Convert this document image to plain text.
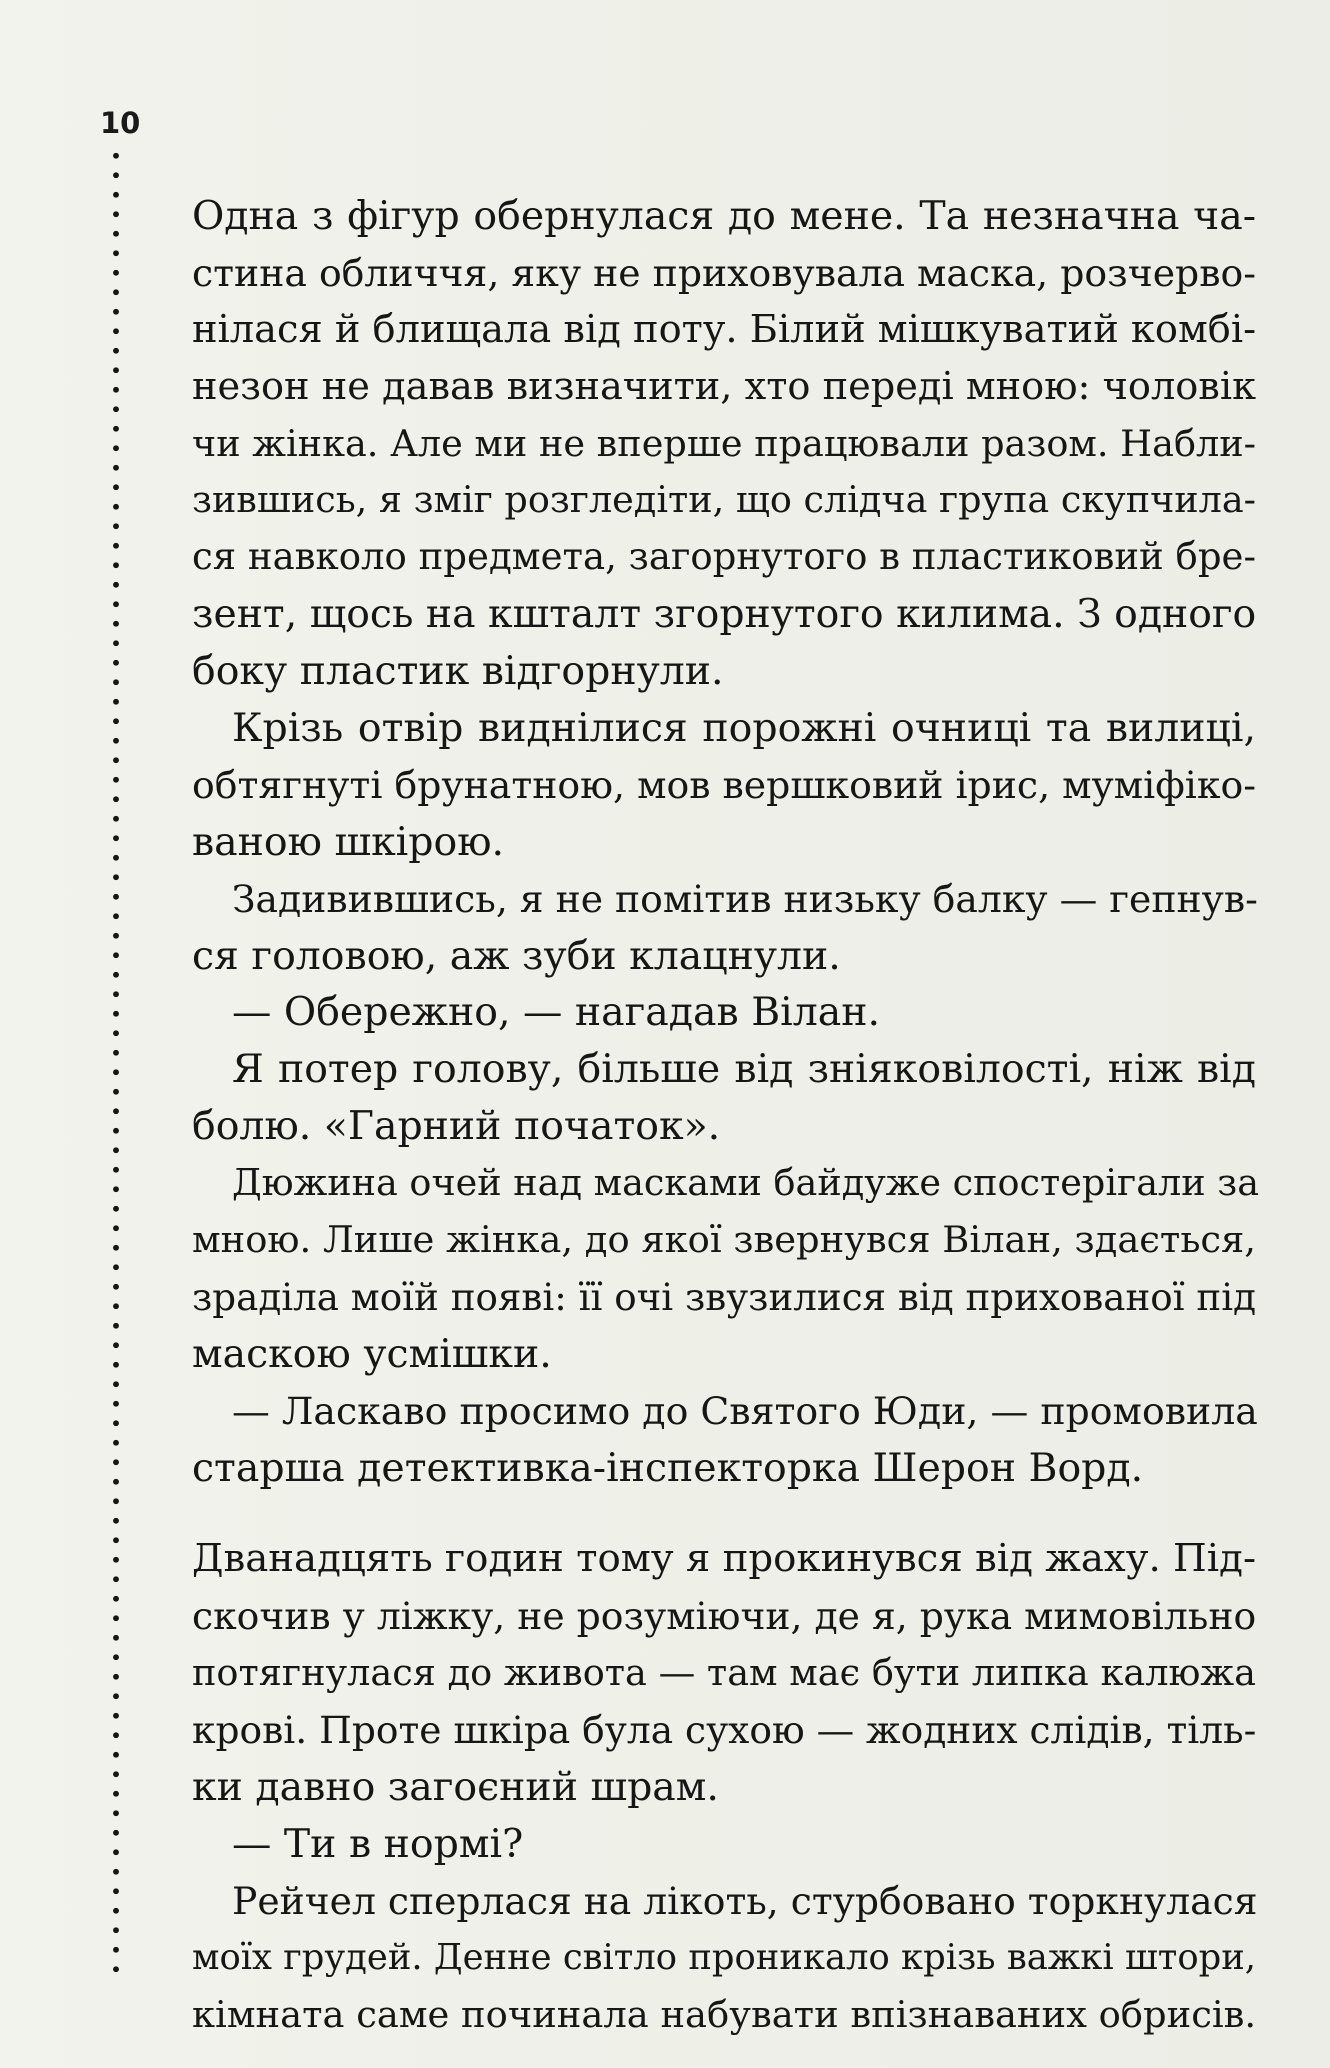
10
Одна з фігур обернулася до мене. Та незначна ча-
стина обличчя, яку не приховувала маска, розчерво-
нілася й блищала від поту. Білий мішкуватий комбі-
незон не давав визначити, хто переді мною: чоловік
чи жінка. Але ми не вперше працювали разом. Набли-
зившись, я зміг розгледіти, що слідча група скупчила-
ся навколо предмета, загорнутого в пластиковий бре-
зент, щось на кшталт згорнутого килима. З одного
боку пластик відгорнули.
Крізь отвір виднілися порожні очниці та вилиці,
обтягнуті брунатною, мов вершковий ірис, муміфіко-
ваною шкірою.
Задивившись, я не помітив низьку балку — гепнув-
ся головою, аж зуби клацнули.
— Обережно, — нагадав Вілан.
Я потер голову, більше від зніяковілості, ніж від
болю. «Гарний початок».
Дюжина очей над масками байдуже спостерігали за
мною. Лише жінка, до якої звернувся Вілан, здається,
зраділа моїй появі: її очі звузилися від прихованої під
маскою усмішки.
— Ласкаво просимо до Святого Юди, — промовила
старша детективка-інспекторка Шерон Ворд.
Дванадцять годин тому я прокинувся від жаху. Під-
скочив у ліжку, не розуміючи, де я, рука мимовільно
потягнулася до живота — там має бути липка калюжа
крові. Проте шкіра була сухою — жодних слідів, тіль-
ки давно загоєний шрам.
— Ти в нормі?
Рейчел сперлася на лікоть, стурбовано торкнулася
моїх грудей. Денне світло проникало крізь важкі штори,
кімната саме починала набувати впізнаваних обрисів.
